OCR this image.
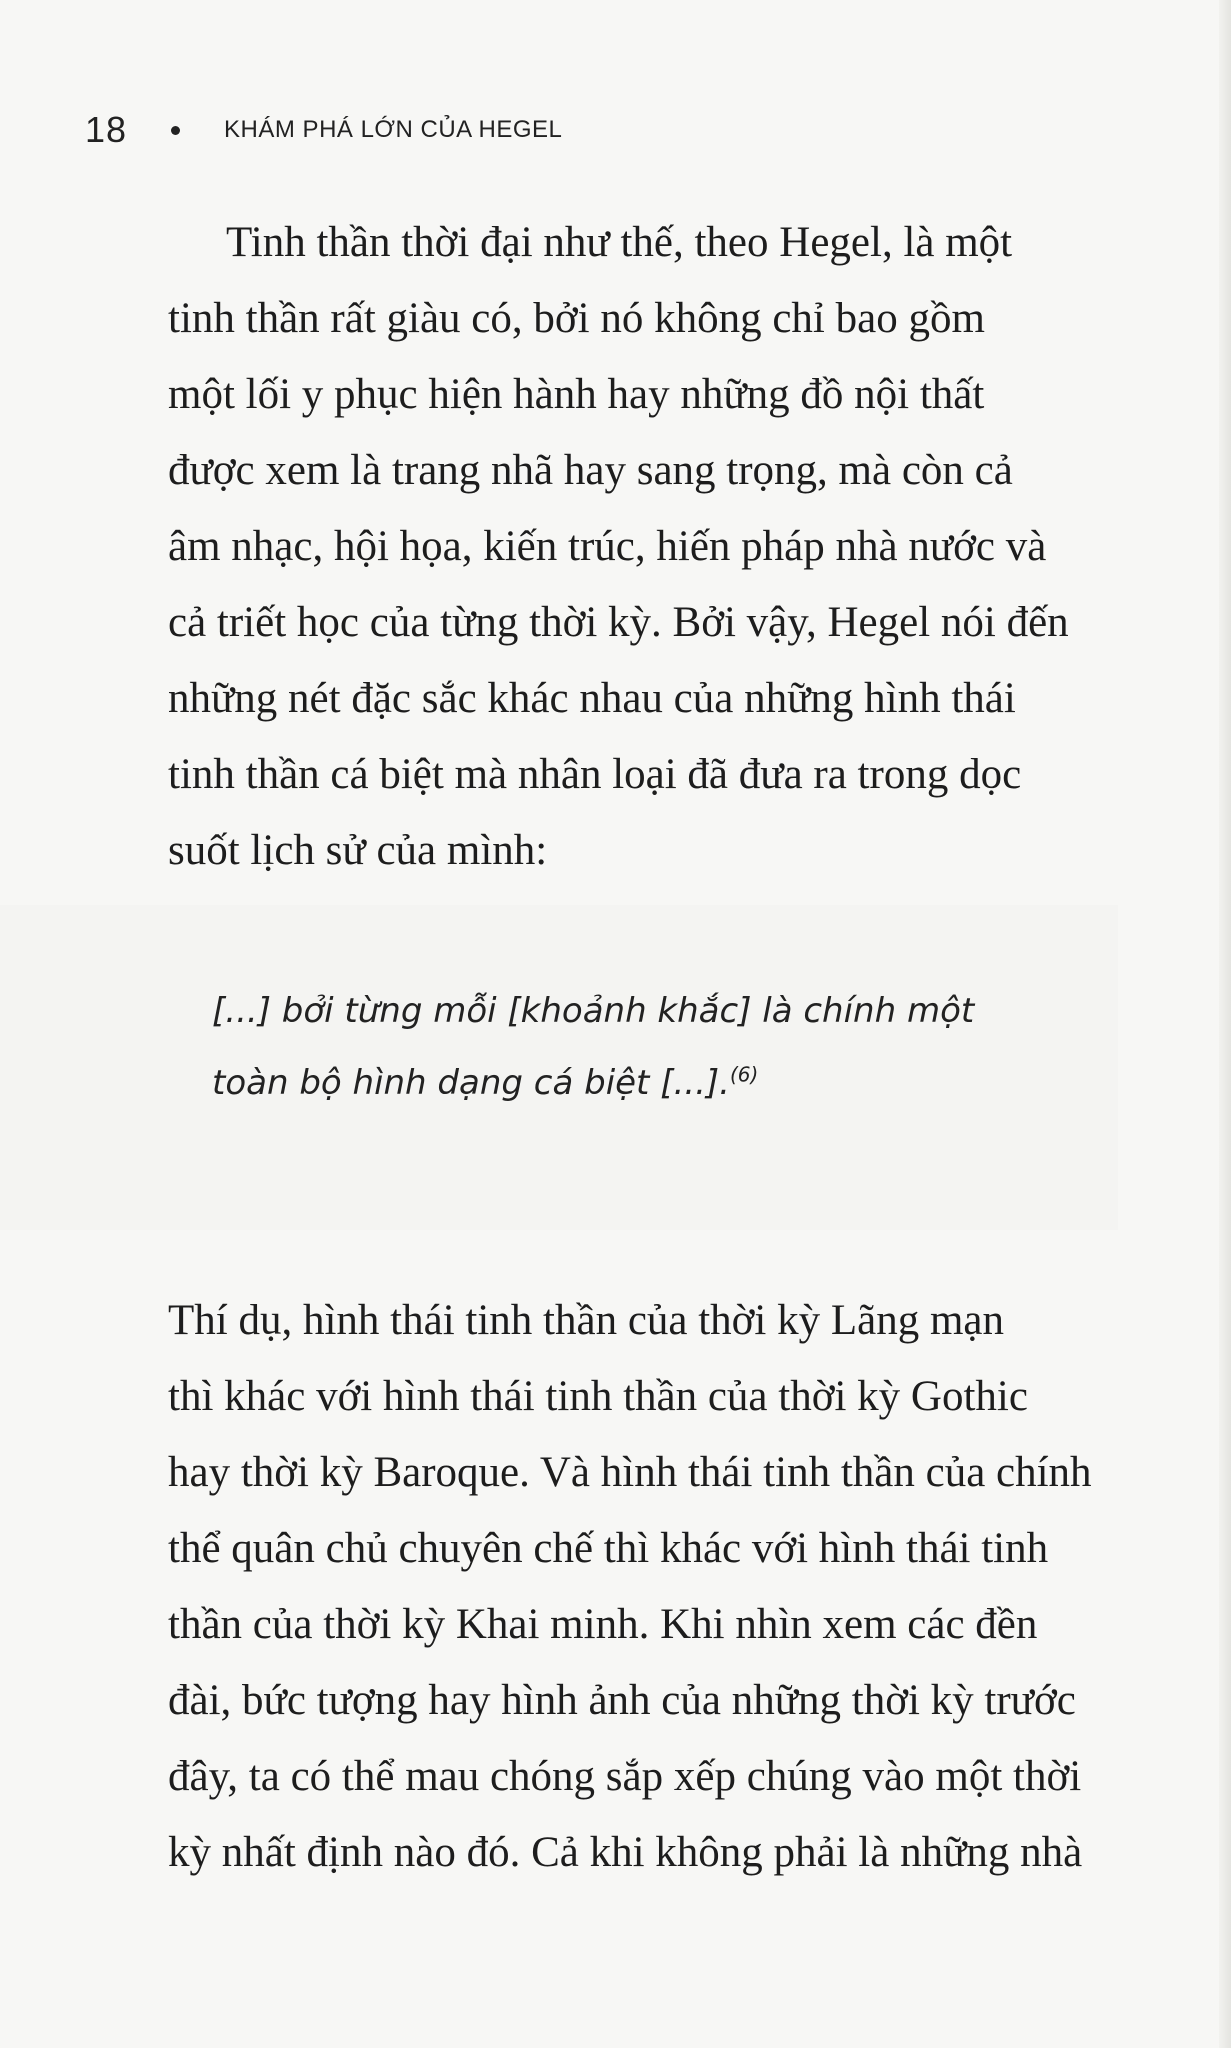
18	KHÁM PHÁ LỚN CỦA HEGEL

Tinh thần thời đại như thế, theo Hegel, là một
tinh thần rất giàu có, bởi nó không chỉ bao gồm
một lối y phục hiện hành hay những đồ nội thất
được xem là trang nhã hay sang trọng, mà còn cả
âm nhạc, hội họa, kiến trúc, hiến pháp nhà nước và
cả triết học của từng thời kỳ. Bởi vậy, Hegel nói đến
những nét đặc sắc khác nhau của những hình thái
tinh thần cá biệt mà nhân loại đã đưa ra trong dọc
suốt lịch sử của mình:

[...] bởi từng mỗi [khoảnh khắc] là chính một
toàn bộ hình dạng cá biệt [...].$^{(6)}$

Thí dụ, hình thái tinh thần của thời kỳ Lãng mạn
thì khác với hình thái tinh thần của thời kỳ Gothic
hay thời kỳ Baroque. Và hình thái tinh thần của chính
thể quân chủ chuyên chế thì khác với hình thái tinh
thần của thời kỳ Khai minh. Khi nhìn xem các đền
đài, bức tượng hay hình ảnh của những thời kỳ trước
đây, ta có thể mau chóng sắp xếp chúng vào một thời
kỳ nhất định nào đó. Cả khi không phải là những nhà
